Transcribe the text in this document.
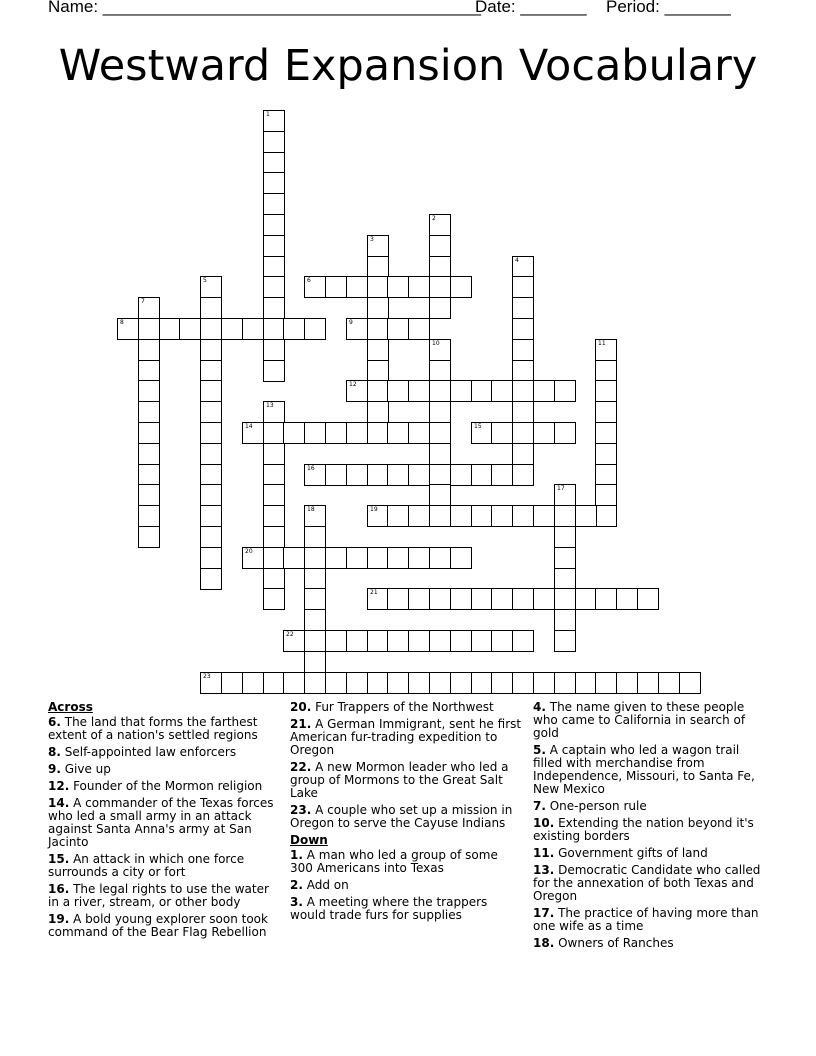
Name: ________________________________________
Date: _______ Period: _______
Westward Expansion Vocabulary
1
2
3
4
5	6
7
8	9
10	11
12
13
14	15
16
17
18	19
20
21
22
23
Across
6. The land that forms the farthest extent of a nation's settled regions
8. Self-appointed law enforcers
9. Give up
12. Founder of the Mormon religion
14. A commander of the Texas forces who led a small army in an attack against Santa Anna's army at San Jacinto
15. An attack in which one force surrounds a city or fort
16. The legal rights to use the water in a river, stream, or other body
19. A bold young explorer soon took command of the Bear Flag Rebellion
20. Fur Trappers of the Northwest
21. A German Immigrant, sent he first American fur-trading expedition to Oregon
22. A new Mormon leader who led a group of Mormons to the Great Salt Lake
23. A couple who set up a mission in Oregon to serve the Cayuse Indians
Down
1. A man who led a group of some 300 Americans into Texas
2. Add on
3. A meeting where the trappers would trade furs for supplies
4. The name given to these people who came to California in search of gold
5. A captain who led a wagon trail filled with merchandise from Independence, Missouri, to Santa Fe, New Mexico
7. One-person rule
10. Extending the nation beyond it's existing borders
11. Government gifts of land
13. Democratic Candidate who called for the annexation of both Texas and Oregon
17. The practice of having more than one wife as a time
18. Owners of Ranches
